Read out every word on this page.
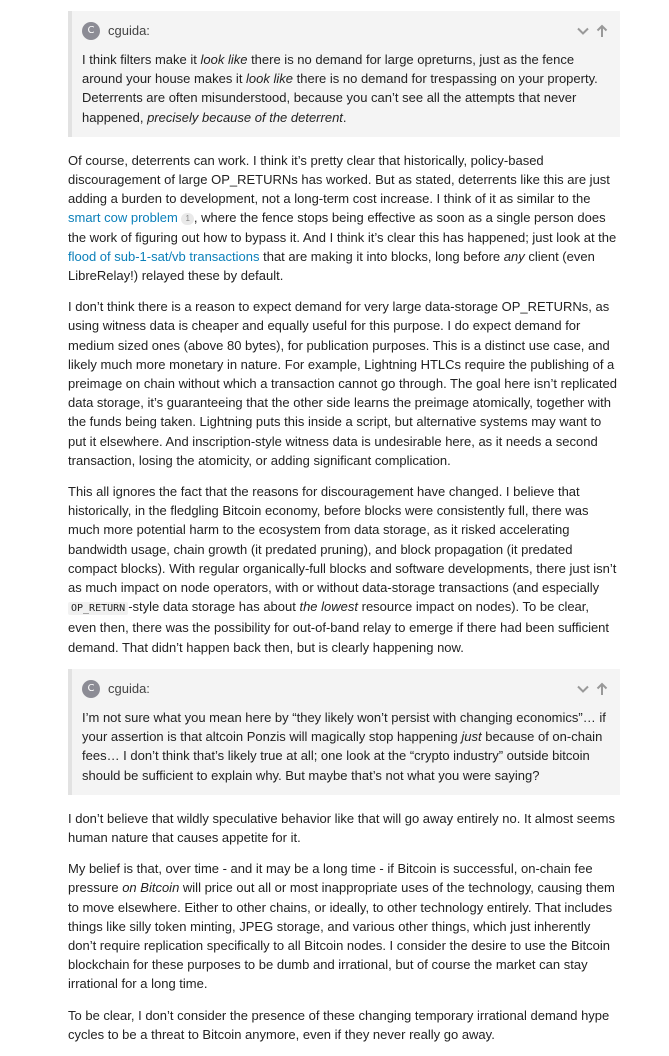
C	cguida:

I think filters make it look like there is no demand for large opreturns, just as the fence around your house makes it look like there is no demand for trespassing on your property. Deterrents are often misunderstood, because you can’t see all the attempts that never happened, precisely because of the deterrent.

Of course, deterrents can work. I think it’s pretty clear that historically, policy-based discouragement of large OP_RETURNs has worked. But as stated, deterrents like this are just adding a burden to development, not a long-term cost increase. I think of it as similar to the smart cow problem 1 , where the fence stops being effective as soon as a single person does the work of figuring out how to bypass it. And I think it’s clear this has happened; just look at the flood of sub-1-sat/vb transactions that are making it into blocks, long before any client (even LibreRelay!) relayed these by default.

I don’t think there is a reason to expect demand for very large data-storage OP_RETURNs, as using witness data is cheaper and equally useful for this purpose. I do expect demand for medium sized ones (above 80 bytes), for publication purposes. This is a distinct use case, and likely much more monetary in nature. For example, Lightning HTLCs require the publishing of a preimage on chain without which a transaction cannot go through. The goal here isn’t replicated data storage, it’s guaranteeing that the other side learns the preimage atomically, together with the funds being taken. Lightning puts this inside a script, but alternative systems may want to put it elsewhere. And inscription-style witness data is undesirable here, as it needs a second transaction, losing the atomicity, or adding significant complication.

This all ignores the fact that the reasons for discouragement have changed. I believe that historically, in the fledgling Bitcoin economy, before blocks were consistently full, there was much more potential harm to the ecosystem from data storage, as it risked accelerating bandwidth usage, chain growth (it predated pruning), and block propagation (it predated compact blocks). With regular organically-full blocks and software developments, there just isn’t as much impact on node operators, with or without data-storage transactions (and especially OP_RETURN -style data storage has about the lowest resource impact on nodes). To be clear, even then, there was the possibility for out-of-band relay to emerge if there had been sufficient demand. That didn’t happen back then, but is clearly happening now.

C	cguida:

I’m not sure what you mean here by “they likely won’t persist with changing economics”… if your assertion is that altcoin Ponzis will magically stop happening just because of on-chain fees… I don’t think that’s likely true at all; one look at the “crypto industry” outside bitcoin should be sufficient to explain why. But maybe that’s not what you were saying?

I don’t believe that wildly speculative behavior like that will go away entirely no. It almost seems human nature that causes appetite for it.

My belief is that, over time - and it may be a long time - if Bitcoin is successful, on-chain fee pressure on Bitcoin will price out all or most inappropriate uses of the technology, causing them to move elsewhere. Either to other chains, or ideally, to other technology entirely. That includes things like silly token minting, JPEG storage, and various other things, which just inherently don’t require replication specifically to all Bitcoin nodes. I consider the desire to use the Bitcoin blockchain for these purposes to be dumb and irrational, but of course the market can stay irrational for a long time.

To be clear, I don’t consider the presence of these changing temporary irrational demand hype cycles to be a threat to Bitcoin anymore, even if they never really go away.
